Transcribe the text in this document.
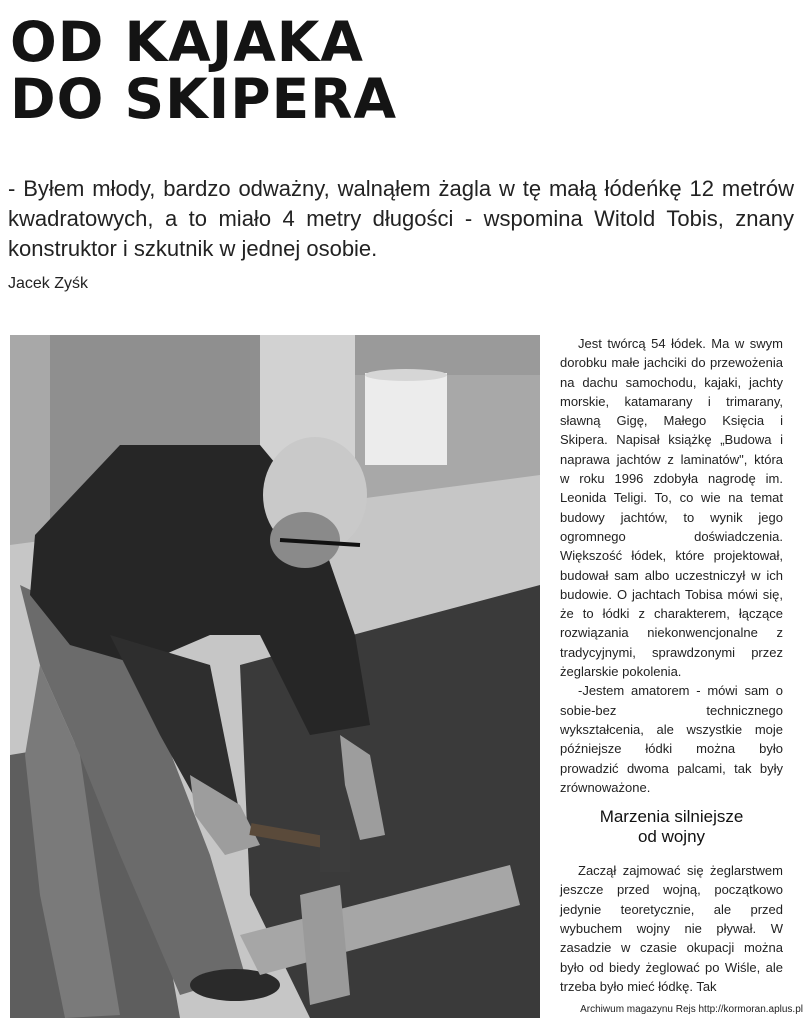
OD KAJAKA
DO SKIPERA

- Byłem młody, bardzo odważny, walnąłem żagla w tę małą łódeńkę 12 metrów kwadratowych, a to miało 4 metry długości - wspomina Witold Tobis, znany konstruktor i szkutnik w jednej osobie.

Jacek Zyśk

Jest twórcą 54 łódek. Ma w swym dorobku małe jachciki do przewożenia na dachu samochodu, kajaki, jachty morskie, katamarany i trimarany, sławną Gigę, Małego Księcia i Skipera. Napisał książkę „Budowa i naprawa jachtów z laminatów", która w roku 1996 zdobyła nagrodę im. Leonida Teligi. To, co wie na temat budowy jachtów, to wynik jego ogromnego doświadczenia. Większość łódek, które projektował, budował sam albo uczestniczył w ich budowie. O jachtach Tobisa mówi się, że to łódki z charakterem, łączące rozwiązania niekonwencjonalne z tradycyjnymi, sprawdzonymi przez żeglarskie pokolenia.

-Jestem amatorem - mówi sam o sobie-bez technicznego wykształcenia, ale wszystkie moje późniejsze łódki można było prowadzić dwoma palcami, tak były zrównoważone.

Marzenia silniejsze
od wojny

Zaczął zajmować się żeglarstwem jeszcze przed wojną, początkowo jedynie teoretycznie, ale przed wybuchem wojny nie pływał. W zasadzie w czasie okupacji można było od biedy żeglować po Wiśle, ale trzeba było mieć łódkę. Tak

Archiwum magazynu Rejs http://kormoran.aplus.pl
